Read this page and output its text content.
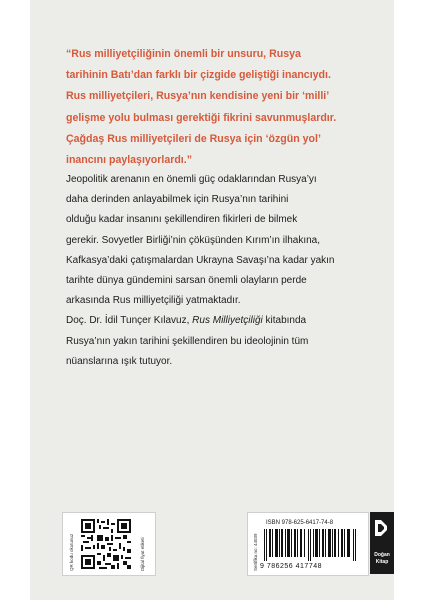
“Rus milliyetçiliğinin önemli bir unsuru, Rusya
tarihinin Batı’dan farklı bir çizgide geliştiği inancıydı.
Rus milliyetçileri, Rusya’nın kendisine yeni bir ‘milli’
gelişme yolu bulması gerektiği fikrini savunmuşlardır.
Çağdaş Rus milliyetçileri de Rusya için ‘özgün yol’
inancını paylaşıyorlardı.”

Jeopolitik arenanın en önemli güç odaklarından Rusya’yı
daha derinden anlayabilmek için Rusya’nın tarihini
olduğu kadar insanını şekillendiren fikirleri de bilmek
gerekir. Sovyetler Birliği’nin çöküşünden Kırım’ın ilhakına,
Kafkasya’daki çatışmalardan Ukrayna Savaşı’na kadar yakın
tarihte dünya gündemini sarsan önemli olayların perde
arkasında Rus milliyetçiliği yatmaktadır.
Doç. Dr. İdil Tunçer Kılavuz, Rus Milliyetçiliği kitabında
Rusya’nın yakın tarihini şekillendiren bu ideolojinin tüm
nüanslarına ışık tutuyor.

QR kodu okutunuz	Dijital fiyat etiketi	Sertifika no: 44039
ISBN 978-625-6417-74-8
9 786256 417748
Doğan
Kitap
